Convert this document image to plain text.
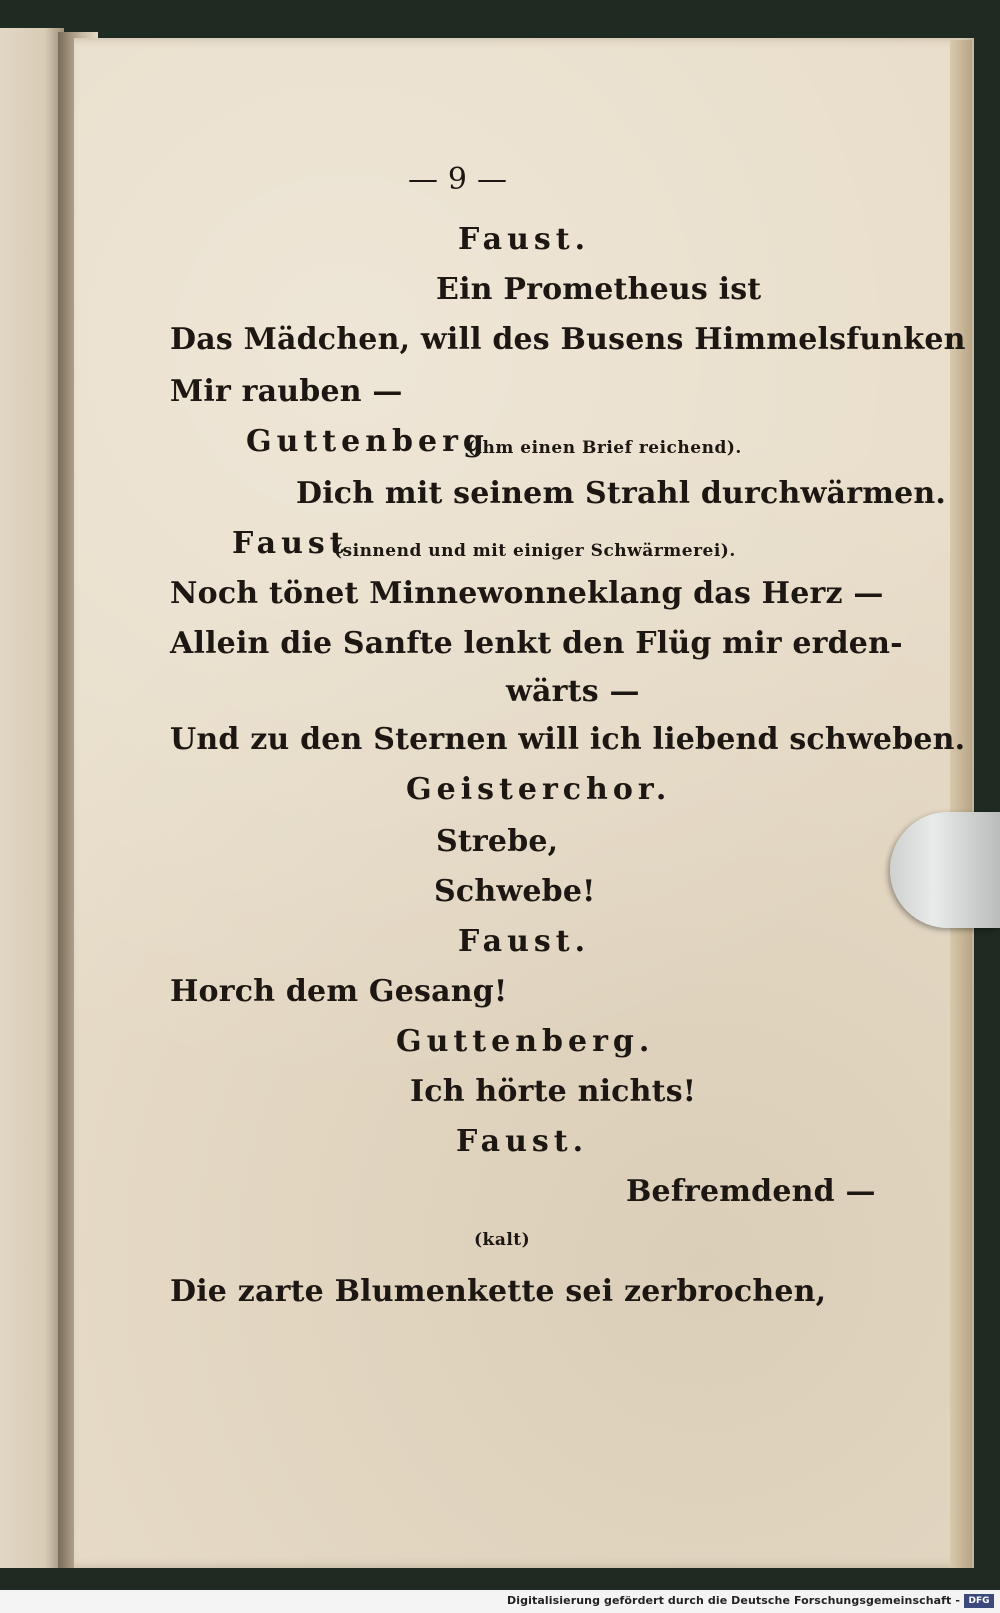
— 9 —

Faust.

Ein Prometheus ist

Das Mädchen, will des Busens Himmelsfunken

Mir rauben —

Guttenberg

(ihm einen Brief reichend).

Dich mit seinem Strahl durchwärmen.

Faust

(sinnend und mit einiger Schwärmerei).

Noch tönet Minnewonneklang das Herz —

Allein die Sanfte lenkt den Flüg mir erden-

wärts —

Und zu den Sternen will ich liebend schweben.

Geisterchor.

Strebe,

Schwebe!

Faust.

Horch dem Gesang!

Guttenberg.

Ich hörte nichts!

Faust.

Befremdend —

(kalt)

Die zarte Blumenkette sei zerbrochen,

Digitalisierung gefördert durch die Deutsche Forschungsgemeinschaft - DFG
